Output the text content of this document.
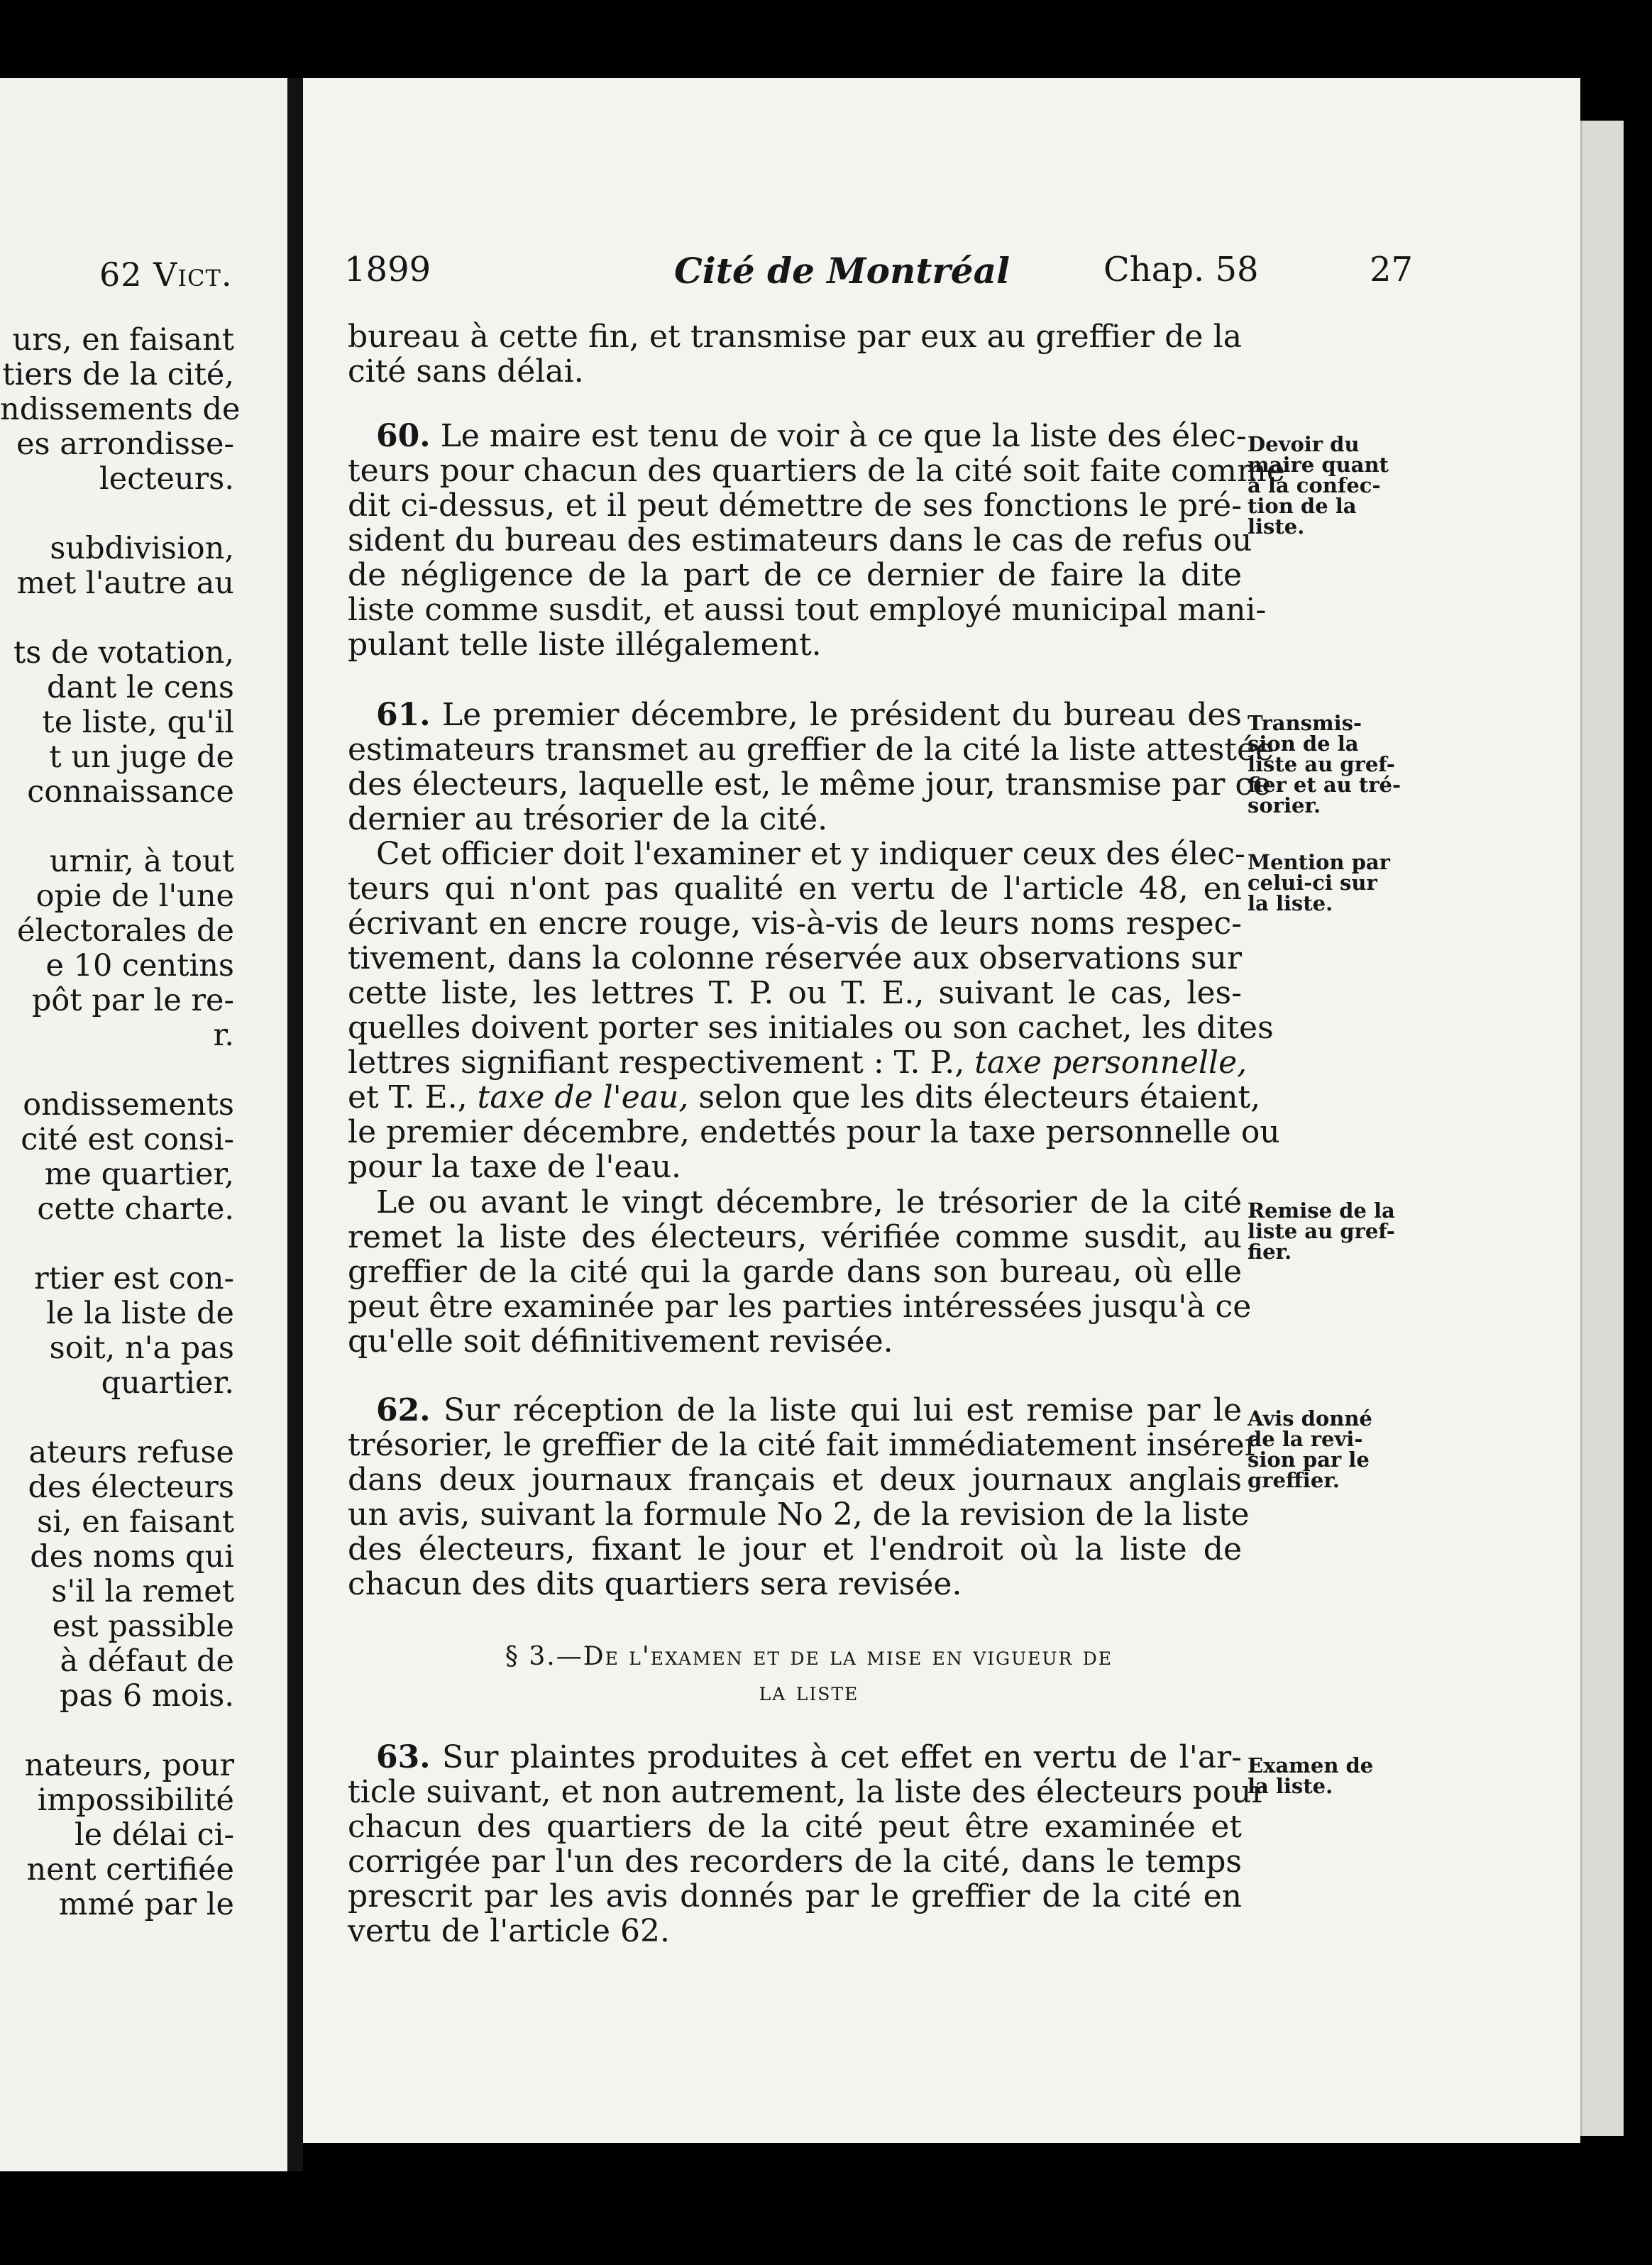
62 Vict.
urs, en faisant
tiers de la cité,
ndissements de
es arrondisse-
lecteurs.
subdivision,
met l'autre au
ts de votation,
dant le cens
te liste, qu'il
t un juge de
connaissance
urnir, à tout
opie de l'une
électorales de
e 10 centins
pôt par le re-
r.
ondissements
cité est consi-
me quartier,
cette charte.
rtier est con-
le la liste de
soit, n'a pas
quartier.
ateurs refuse
des électeurs
si, en faisant
des noms qui
s'il la remet
est passible
à défaut de
pas 6 mois.
nateurs, pour
impossibilité
le délai ci-
nent certifiée
mmé par le
1899	Cité de Montréal	Chap. 58	27
bureau à cette fin, et transmise par eux au greffier de la
cité sans délai.
60. Le maire est tenu de voir à ce que la liste des élec-
teurs pour chacun des quartiers de la cité soit faite comme
dit ci-dessus, et il peut démettre de ses fonctions le pré-
sident du bureau des estimateurs dans le cas de refus ou
de négligence de la part de ce dernier de faire la dite
liste comme susdit, et aussi tout employé municipal mani-
pulant telle liste illégalement.
Devoir du
maire quant
à la confec-
tion de la
liste.
61. Le premier décembre, le président du bureau des
estimateurs transmet au greffier de la cité la liste attestée
des électeurs, laquelle est, le même jour, transmise par ce
dernier au trésorier de la cité.
Transmis-
sion de la
liste au gref-
fier et au tré-
sorier.
Cet officier doit l'examiner et y indiquer ceux des élec-
teurs qui n'ont pas qualité en vertu de l'article 48, en
écrivant en encre rouge, vis-à-vis de leurs noms respec-
tivement, dans la colonne réservée aux observations sur
cette liste, les lettres T. P. ou T. E., suivant le cas, les-
quelles doivent porter ses initiales ou son cachet, les dites
lettres signifiant respectivement : T. P., taxe personnelle,
et T. E., taxe de l'eau, selon que les dits électeurs étaient,
le premier décembre, endettés pour la taxe personnelle ou
pour la taxe de l'eau.
Mention par
celui-ci sur
la liste.
Le ou avant le vingt décembre, le trésorier de la cité
remet la liste des électeurs, vérifiée comme susdit, au
greffier de la cité qui la garde dans son bureau, où elle
peut être examinée par les parties intéressées jusqu'à ce
qu'elle soit définitivement revisée.
Remise de la
liste au gref-
fier.
62. Sur réception de la liste qui lui est remise par le
trésorier, le greffier de la cité fait immédiatement insérer
dans deux journaux français et deux journaux anglais
un avis, suivant la formule No 2, de la revision de la liste
des électeurs, fixant le jour et l'endroit où la liste de
chacun des dits quartiers sera revisée.
Avis donné
de la revi-
sion par le
greffier.
§ 3.—De l'examen et de la mise en vigueur de
la liste
63. Sur plaintes produites à cet effet en vertu de l'ar-
ticle suivant, et non autrement, la liste des électeurs pour
chacun des quartiers de la cité peut être examinée et
corrigée par l'un des recorders de la cité, dans le temps
prescrit par les avis donnés par le greffier de la cité en
vertu de l'article 62.
Examen de
la liste.
